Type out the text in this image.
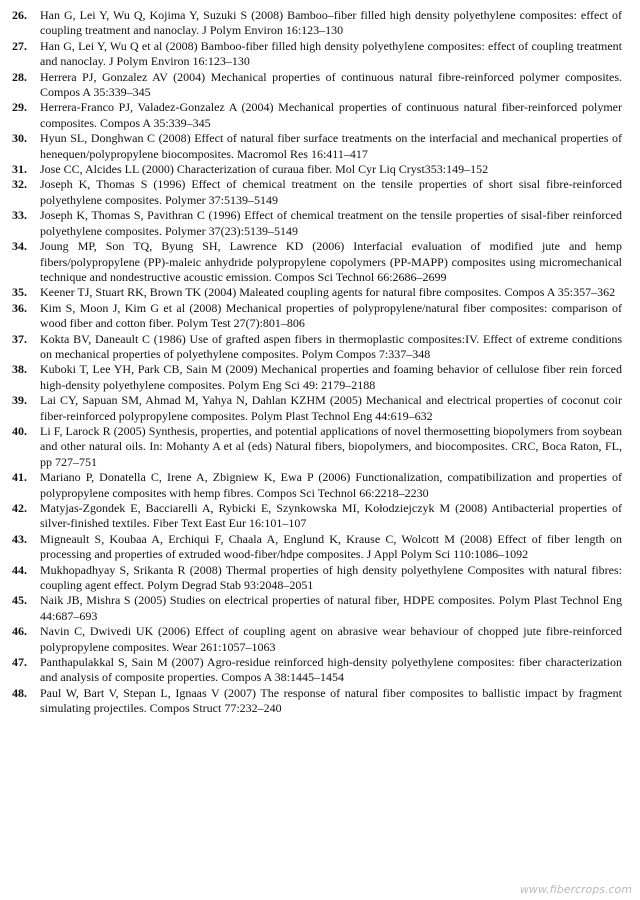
26. Han G, Lei Y, Wu Q, Kojima Y, Suzuki S (2008) Bamboo–fiber filled high density polyethylene composites: effect of coupling treatment and nanoclay. J Polym Environ 16:123–130
27. Han G, Lei Y, Wu Q et al (2008) Bamboo-fiber filled high density polyethylene composites: effect of coupling treatment and nanoclay. J Polym Environ 16:123–130
28. Herrera PJ, Gonzalez AV (2004) Mechanical properties of continuous natural fibre-reinforced polymer composites. Compos A 35:339–345
29. Herrera-Franco PJ, Valadez-Gonzalez A (2004) Mechanical properties of continuous natural fiber-reinforced polymer composites. Compos A 35:339–345
30. Hyun SL, Donghwan C (2008) Effect of natural fiber surface treatments on the interfacial and mechanical properties of henequen/polypropylene biocomposites. Macromol Res 16:411–417
31. Jose CC, Alcides LL (2000) Characterization of curaua fiber. Mol Cyr Liq Cryst353:149–152
32. Joseph K, Thomas S (1996) Effect of chemical treatment on the tensile properties of short sisal fibre-reinforced polyethylene composites. Polymer 37:5139–5149
33. Joseph K, Thomas S, Pavithran C (1996) Effect of chemical treatment on the tensile properties of sisal-fiber reinforced polyethylene composites. Polymer 37(23):5139–5149
34. Joung MP, Son TQ, Byung SH, Lawrence KD (2006) Interfacial evaluation of modified jute and hemp fibers/polypropylene (PP)-maleic anhydride polypropylene copolymers (PP-MAPP) composites using micromechanical technique and nondestructive acoustic emission. Compos Sci Technol 66:2686–2699
35. Keener TJ, Stuart RK, Brown TK (2004) Maleated coupling agents for natural fibre composites. Compos A 35:357–362
36. Kim S, Moon J, Kim G et al (2008) Mechanical properties of polypropylene/natural fiber composites: comparison of wood fiber and cotton fiber. Polym Test 27(7):801–806
37. Kokta BV, Daneault C (1986) Use of grafted aspen fibers in thermoplastic composites:IV. Effect of extreme conditions on mechanical properties of polyethylene composites. Polym Compos 7:337–348
38. Kuboki T, Lee YH, Park CB, Sain M (2009) Mechanical properties and foaming behavior of cellulose fiber rein forced high-density polyethylene composites. Polym Eng Sci 49: 2179–2188
39. Lai CY, Sapuan SM, Ahmad M, Yahya N, Dahlan KZHM (2005) Mechanical and electrical properties of coconut coir fiber-reinforced polypropylene composites. Polym Plast Technol Eng 44:619–632
40. Li F, Larock R (2005) Synthesis, properties, and potential applications of novel thermosetting biopolymers from soybean and other natural oils. In: Mohanty A et al (eds) Natural fibers, biopolymers, and biocomposites. CRC, Boca Raton, FL, pp 727–751
41. Mariano P, Donatella C, Irene A, Zbigniew K, Ewa P (2006) Functionalization, compatibilization and properties of polypropylene composites with hemp fibres. Compos Sci Technol 66:2218–2230
42. Matyjas-Zgondek E, Bacciarelli A, Rybicki E, Szynkowska MI, Kołodziejczyk M (2008) Antibacterial properties of silver-finished textiles. Fiber Text East Eur 16:101–107
43. Migneault S, Koubaa A, Erchiqui F, Chaala A, Englund K, Krause C, Wolcott M (2008) Effect of fiber length on processing and properties of extruded wood-fiber/hdpe composites. J Appl Polym Sci 110:1086–1092
44. Mukhopadhyay S, Srikanta R (2008) Thermal properties of high density polyethylene Composites with natural fibres: coupling agent effect. Polym Degrad Stab 93:2048–2051
45. Naik JB, Mishra S (2005) Studies on electrical properties of natural fiber, HDPE composites. Polym Plast Technol Eng 44:687–693
46. Navin C, Dwivedi UK (2006) Effect of coupling agent on abrasive wear behaviour of chopped jute fibre-reinforced polypropylene composites. Wear 261:1057–1063
47. Panthapulakkal S, Sain M (2007) Agro-residue reinforced high-density polyethylene composites: fiber characterization and analysis of composite properties. Compos A 38:1445–1454
48. Paul W, Bart V, Stepan L, Ignaas V (2007) The response of natural fiber composites to ballistic impact by fragment simulating projectiles. Compos Struct 77:232–240
www.fibercrops.com
